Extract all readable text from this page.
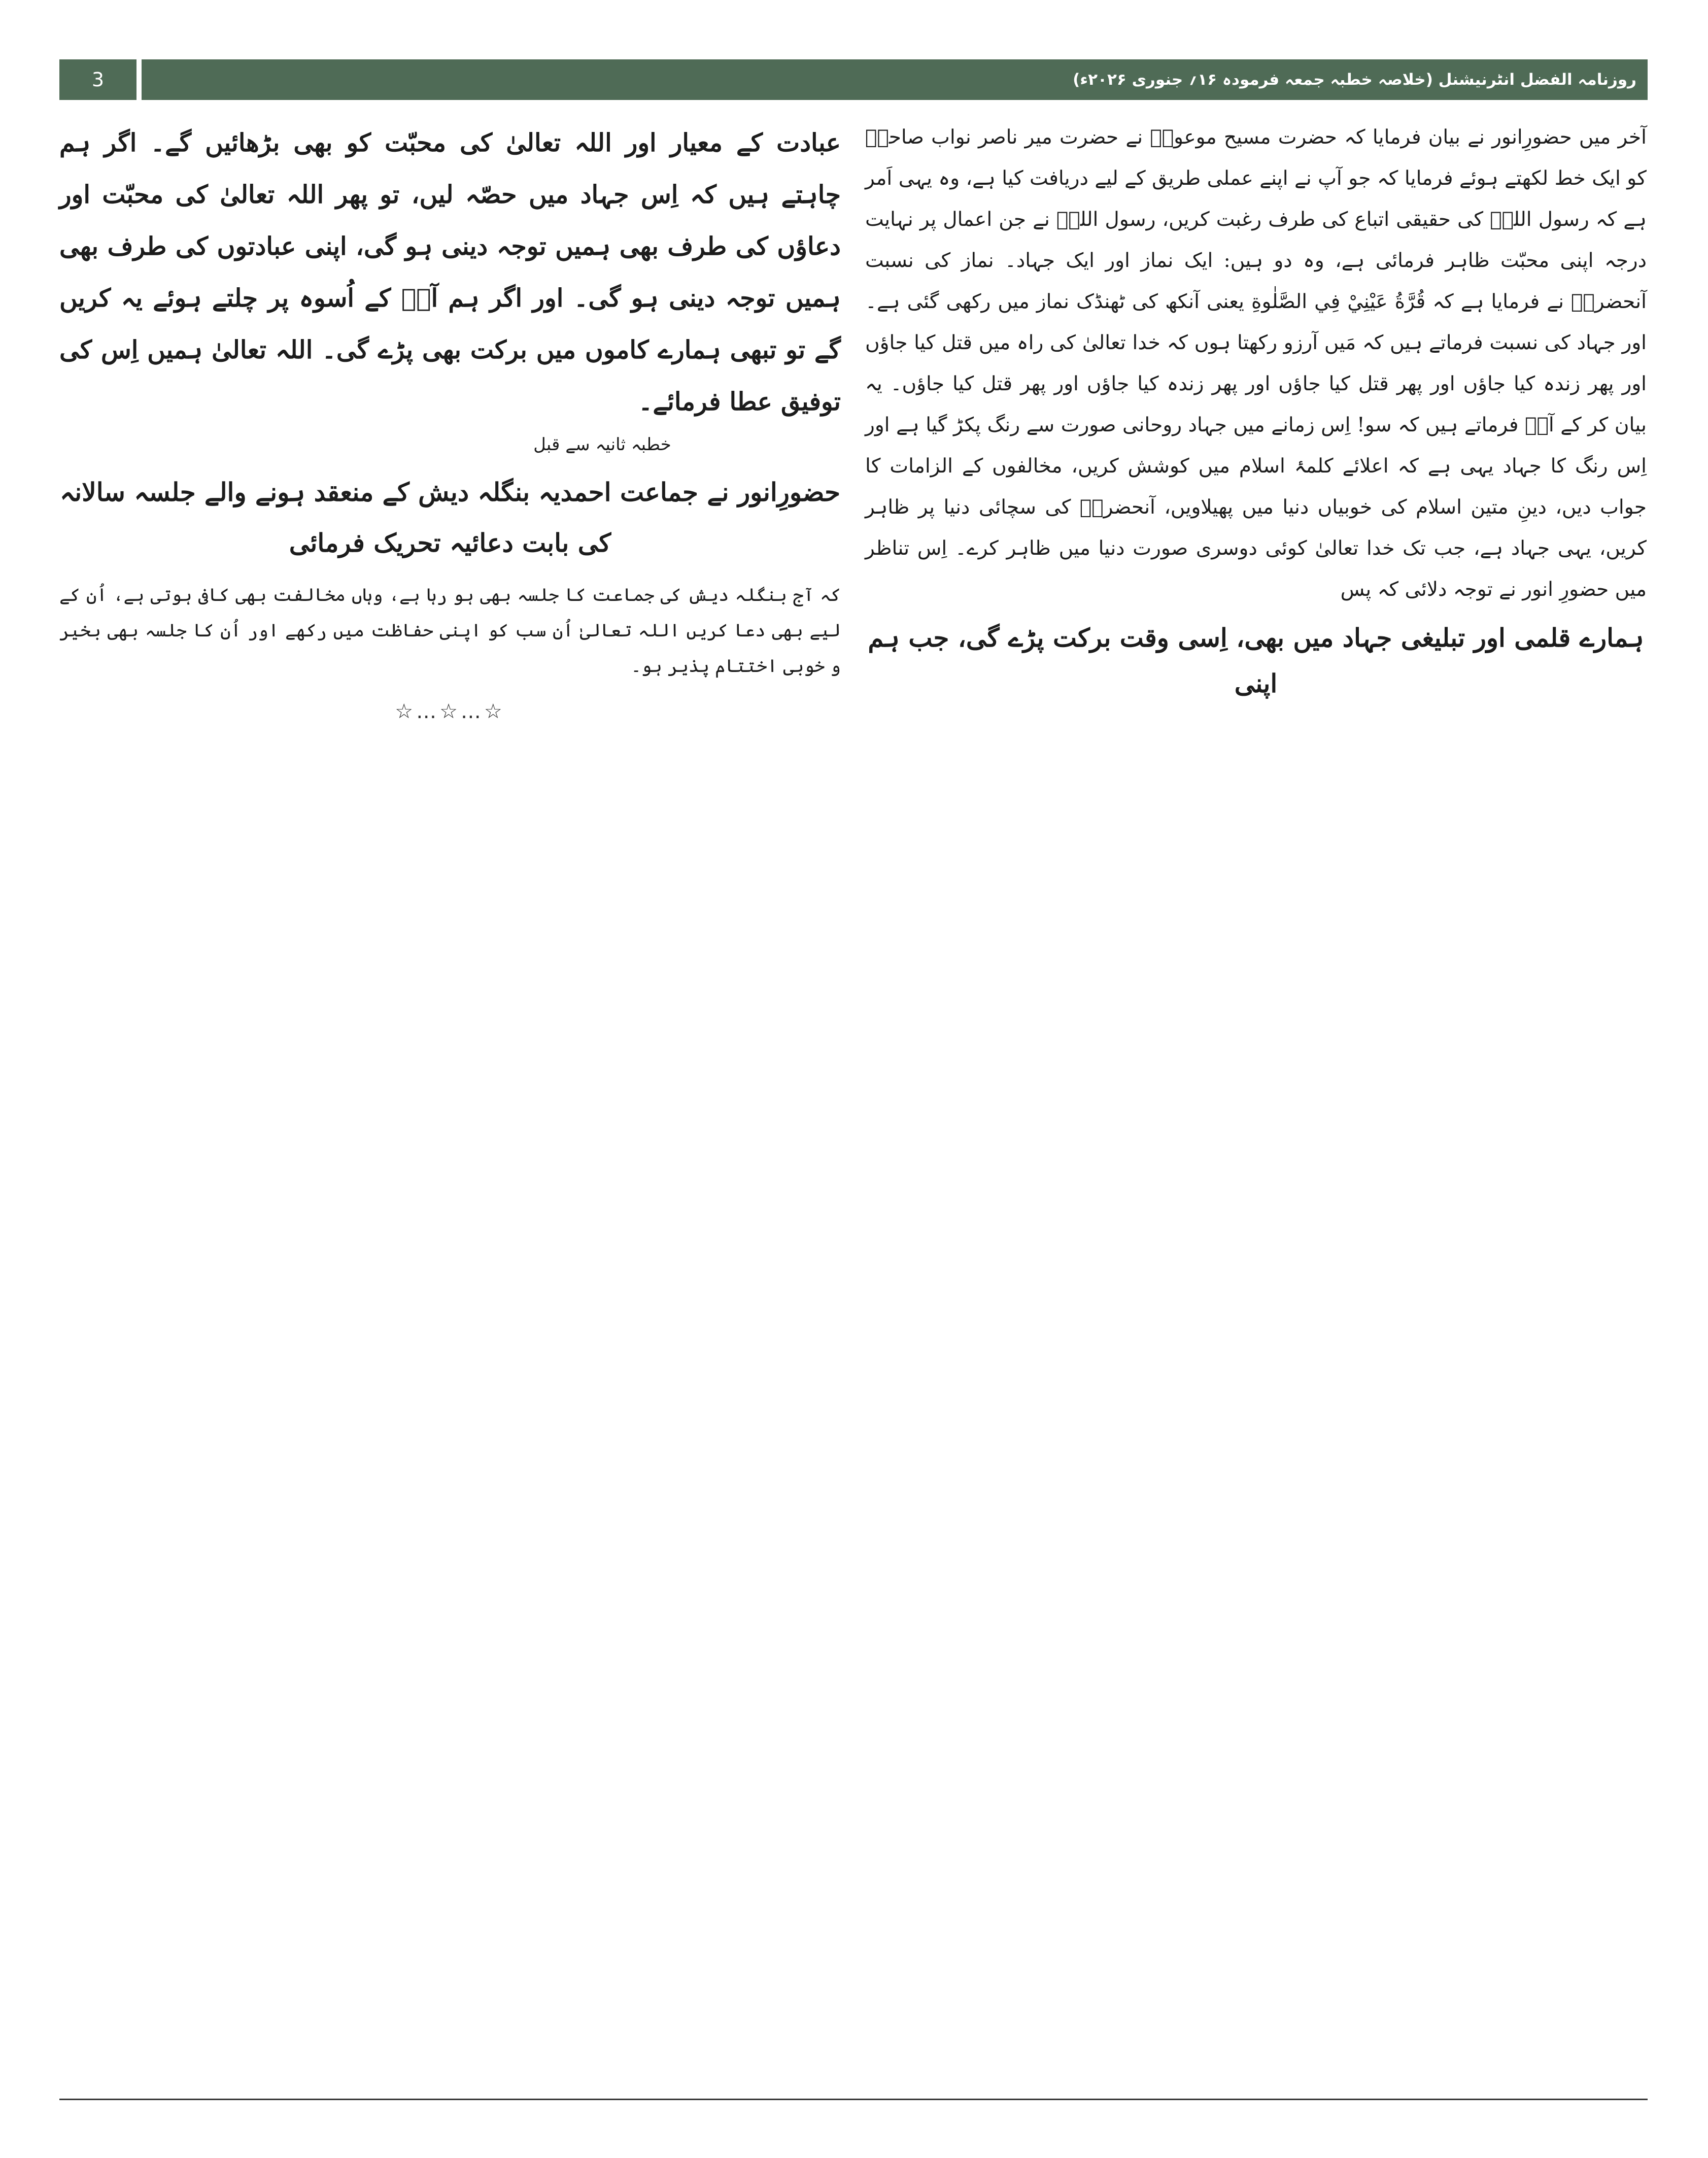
3	روزنامہ الفضل انٹرنیشنل (خلاصہ خطبہ جمعہ فرمودہ ۱۶؍ جنوری ۲۰۲۶ء)

آخر میں حضورِانور نے بیان فرمایا کہ حضرت مسیح موعودؑ نے حضرت میر ناصر نواب صاحبؓ کو ایک خط لکھتے ہوئے فرمایا کہ جو آپ نے اپنے عملی طریق کے لیے دریافت کیا ہے، وہ یہی اَمر ہے کہ رسول اللہؐ کی حقیقی اتباع کی طرف رغبت کریں، رسول اللہؐ نے جن اعمال پر نہایت درجہ اپنی محبّت ظاہر فرمائی ہے، وہ دو ہیں: ایک نماز اور ایک جہاد۔ نماز کی نسبت آنحضرتؐ نے فرمایا ہے کہ قُرَّةُ عَيْنِيْ فِي الصَّلٰوةِ یعنی آنکھ کی ٹھنڈک نماز میں رکھی گئی ہے۔ اور جہاد کی نسبت فرماتے ہیں کہ مَیں آرزو رکھتا ہوں کہ خدا تعالیٰ کی راہ میں قتل کیا جاؤں اور پھر زندہ کیا جاؤں اور پھر قتل کیا جاؤں اور پھر زندہ کیا جاؤں اور پھر قتل کیا جاؤں۔ یہ بیان کر کے آپؑ فرماتے ہیں کہ سو! اِس زمانے میں جہاد روحانی صورت سے رنگ پکڑ گیا ہے اور اِس رنگ کا جہاد یہی ہے کہ اعلائے کلمۂ اسلام میں کوشش کریں، مخالفوں کے الزامات کا جواب دیں، دینِ متین اسلام کی خوبیاں دنیا میں پھیلاویں، آنحضرتؐ کی سچائی دنیا پر ظاہر کریں، یہی جہاد ہے، جب تک خدا تعالیٰ کوئی دوسری صورت دنیا میں ظاہر کرے۔ اِس تناظر میں حضورِ انور نے توجہ دلائی کہ پس

ہمارے قلمی اور تبلیغی جہاد میں بھی، اِسی وقت برکت پڑے گی، جب ہم اپنی

عبادت کے معیار اور اللہ تعالیٰ کی محبّت کو بھی بڑھائیں گے۔ اگر ہم چاہتے ہیں کہ اِس جہاد میں حصّہ لیں، تو پھر اللہ تعالیٰ کی محبّت اور دعاؤں کی طرف بھی ہمیں توجہ دینی ہو گی، اپنی عبادتوں کی طرف بھی ہمیں توجہ دینی ہو گی۔ اور اگر ہم آپؐ کے اُسوہ پر چلتے ہوئے یہ کریں گے تو تبھی ہمارے کاموں میں برکت بھی پڑے گی۔ اللہ تعالیٰ ہمیں اِس کی توفیق عطا فرمائے۔

خطبہ ثانیہ سے قبل

حضورِانور نے جماعت احمدیہ بنگلہ دیش کے منعقد ہونے والے جلسہ سالانہ کی بابت دعائیہ تحریک فرمائی

کہ آج بنگلہ دیش کی جماعت کا جلسہ بھی ہو رہا ہے، وہاں مخالفت بھی کافی ہوتی ہے، اُن کے لیے بھی دعا کریں اللہ تعالیٰ اُن سب کو اپنی حفاظت میں رکھے اور اُن کا جلسہ بھی بخیر و خوبی اختتام پذیر ہو۔

☆…☆…☆
